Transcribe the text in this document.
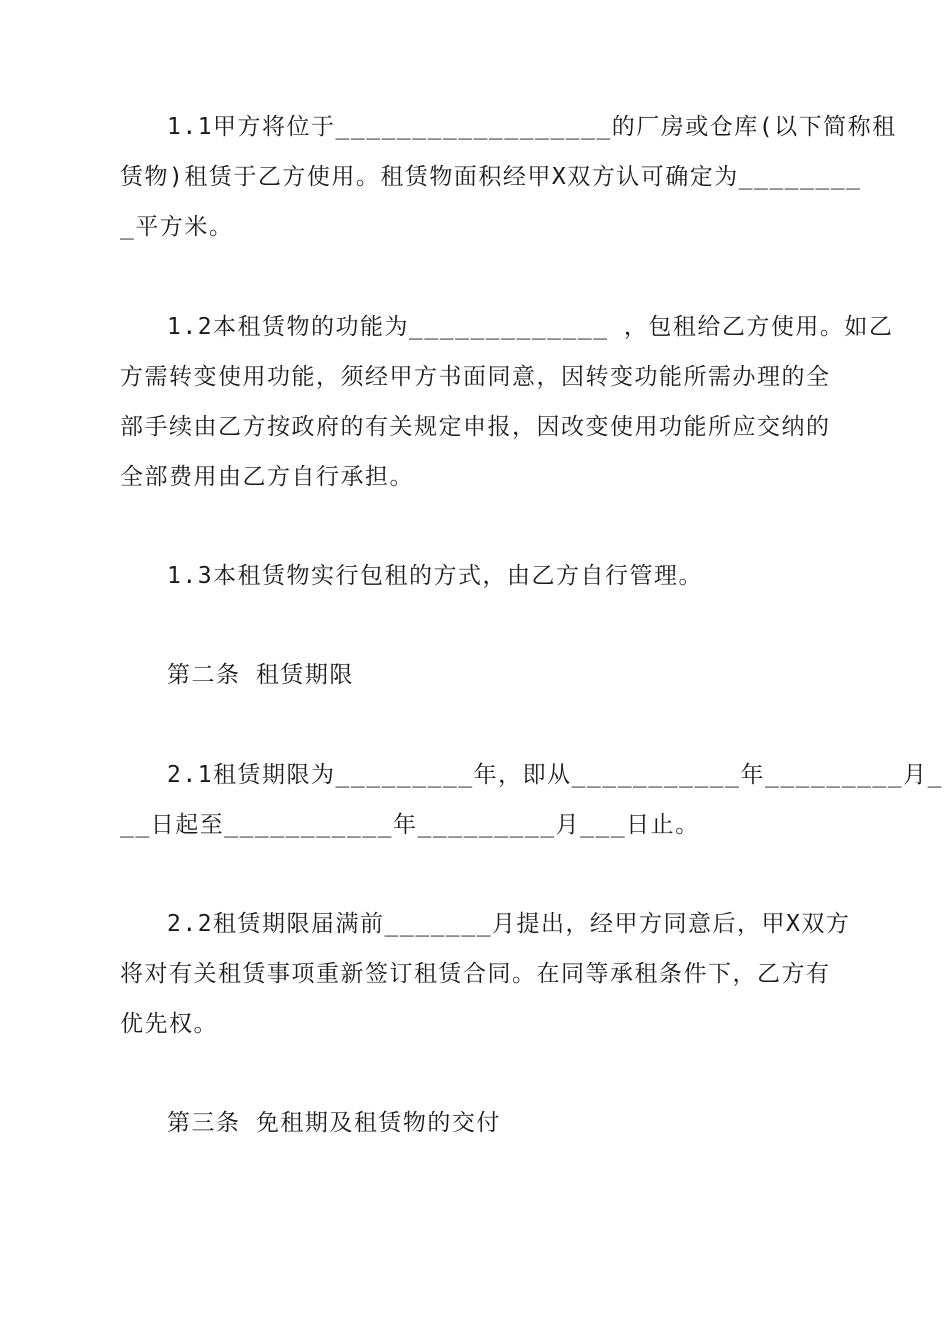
1.1甲方将位于__________________的厂房或仓库(以下简称租
赁物)租赁于乙方使用。租赁物面积经甲X双方认可确定为________
_平方米。
1.2本租赁物的功能为_____________ ，包租给乙方使用。如乙
方需转变使用功能，须经甲方书面同意，因转变功能所需办理的全
部手续由乙方按政府的有关规定申报，因改变使用功能所应交纳的
全部费用由乙方自行承担。
1.3本租赁物实行包租的方式，由乙方自行管理。
第二条 租赁期限
2.1租赁期限为_________年，即从___________年_________月_
__日起至___________年_________月___日止。
2.2租赁期限届满前_______月提出，经甲方同意后，甲X双方
将对有关租赁事项重新签订租赁合同。在同等承租条件下，乙方有
优先权。
第三条 免租期及租赁物的交付
